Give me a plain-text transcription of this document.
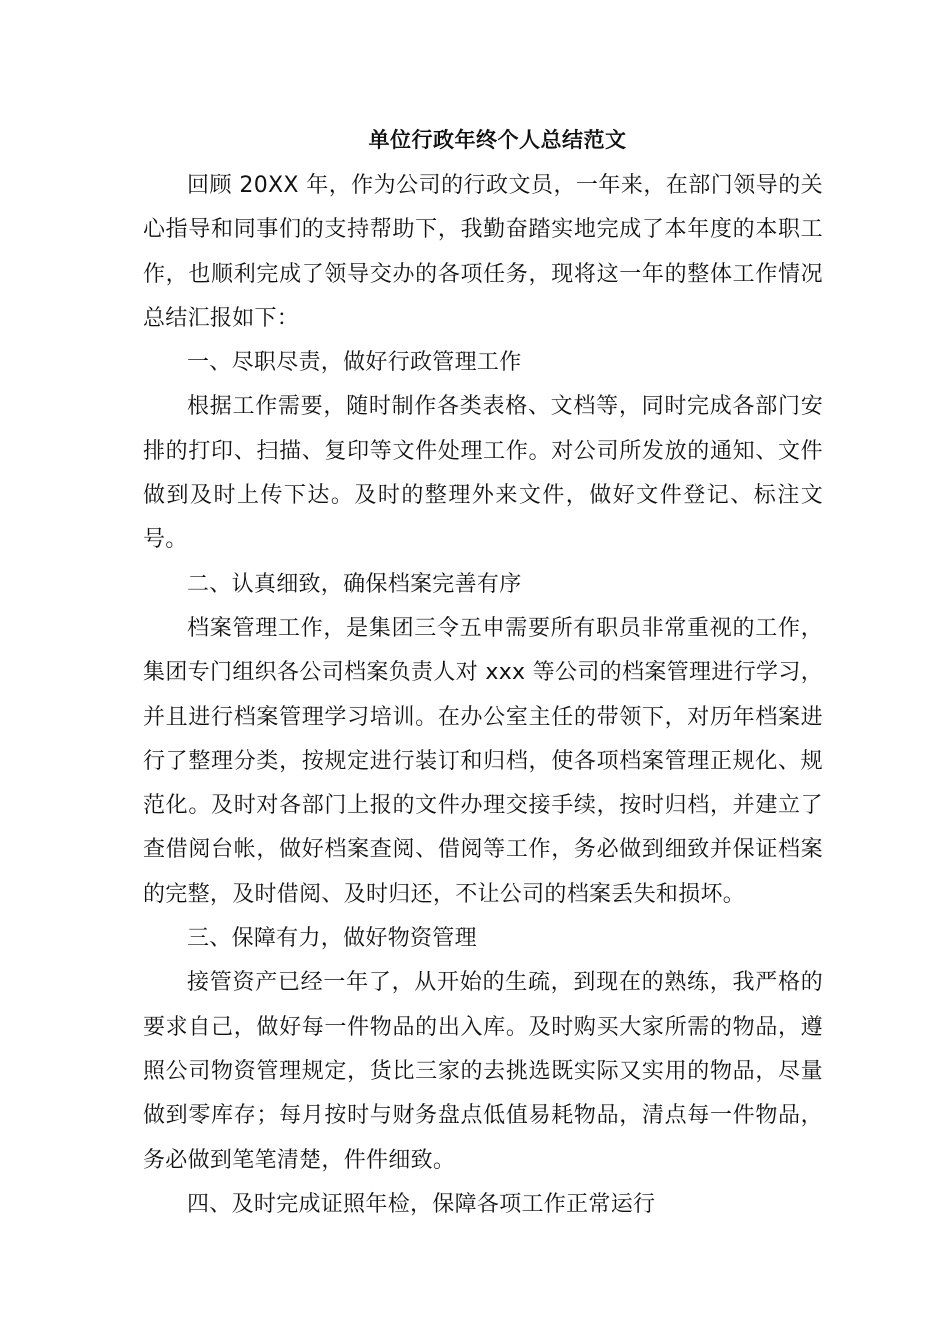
单位行政年终个人总结范文

回顾 20XX 年，作为公司的行政文员，一年来，在部门领导的关心指导和同事们的支持帮助下，我勤奋踏实地完成了本年度的本职工作，也顺利完成了领导交办的各项任务，现将这一年的整体工作情况总结汇报如下：

一、尽职尽责，做好行政管理工作

根据工作需要，随时制作各类表格、文档等，同时完成各部门安排的打印、扫描、复印等文件处理工作。对公司所发放的通知、文件做到及时上传下达。及时的整理外来文件，做好文件登记、标注文号。

二、认真细致，确保档案完善有序

档案管理工作，是集团三令五申需要所有职员非常重视的工作，集团专门组织各公司档案负责人对 xxx 等公司的档案管理进行学习，并且进行档案管理学习培训。在办公室主任的带领下，对历年档案进行了整理分类，按规定进行装订和归档，使各项档案管理正规化、规范化。及时对各部门上报的文件办理交接手续，按时归档，并建立了查借阅台帐，做好档案查阅、借阅等工作，务必做到细致并保证档案的完整，及时借阅、及时归还，不让公司的档案丢失和损坏。

三、保障有力，做好物资管理

接管资产已经一年了，从开始的生疏，到现在的熟练，我严格的要求自己，做好每一件物品的出入库。及时购买大家所需的物品，遵照公司物资管理规定，货比三家的去挑选既实际又实用的物品，尽量做到零库存；每月按时与财务盘点低值易耗物品，清点每一件物品，务必做到笔笔清楚，件件细致。

四、及时完成证照年检，保障各项工作正常运行
